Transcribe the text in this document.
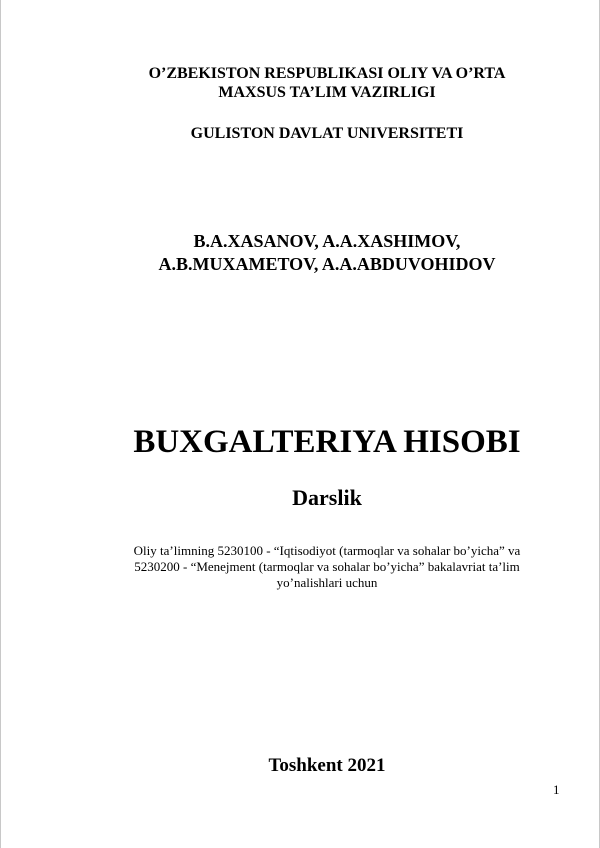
O’ZBEKISTON RESPUBLIKASI OLIY VA O’RTA
MAXSUS TA’LIM VAZIRLIGI
GULISTON DAVLAT UNIVERSITETI
B.A.XASANOV, A.A.XASHIMOV,
A.B.MUXAMETOV, A.A.ABDUVOHIDOV
BUXGALTERIYA HISOBI
Darslik
Oliy ta’limning 5230100 - “Iqtisodiyot (tarmoqlar va sohalar bo’yicha” va
5230200 - “Menejment (tarmoqlar va sohalar bo’yicha” bakalavriat ta’lim
yo’nalishlari uchun
Toshkent 2021
1
